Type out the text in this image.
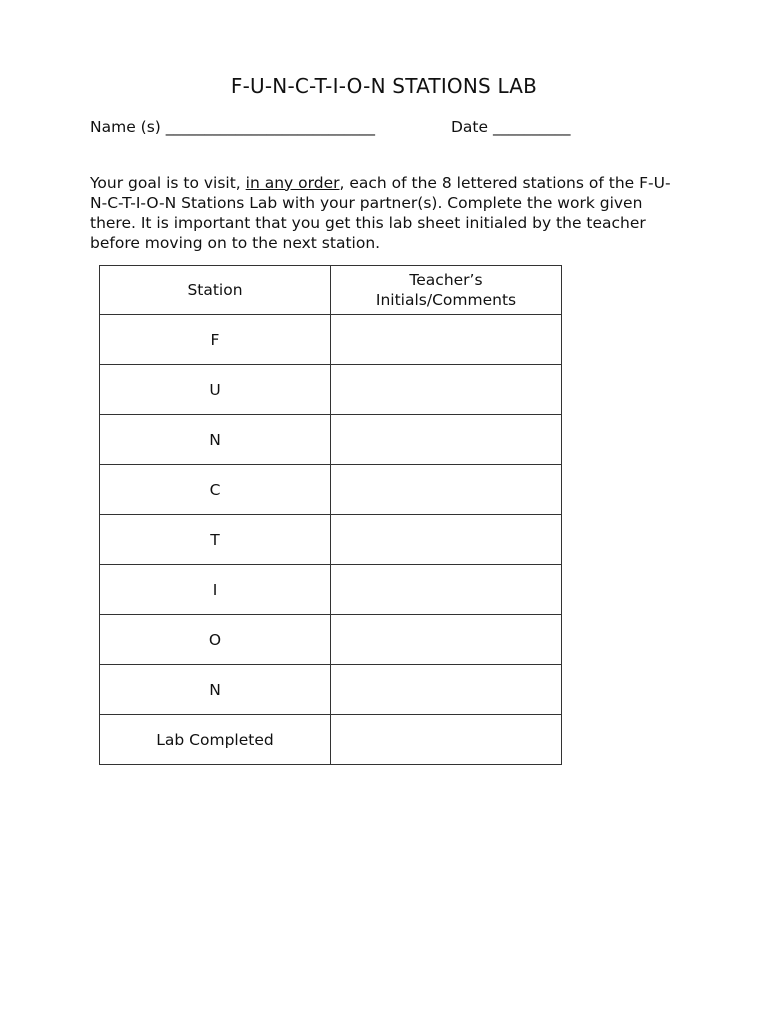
F-U-N-C-T-I-O-N STATIONS LAB
Name (s) ___________________________	Date __________

Your goal is to visit, in any order, each of the 8 lettered stations of the F-U-N-C-T-I-O-N Stations Lab with your partner(s). Complete the work given there. It is important that you get this lab sheet initialed by the teacher before moving on to the next station.

Station	Teacher’s
Initials/Comments
F	
U	
N	
C	
T	
I	
O	
N	
Lab Completed	
